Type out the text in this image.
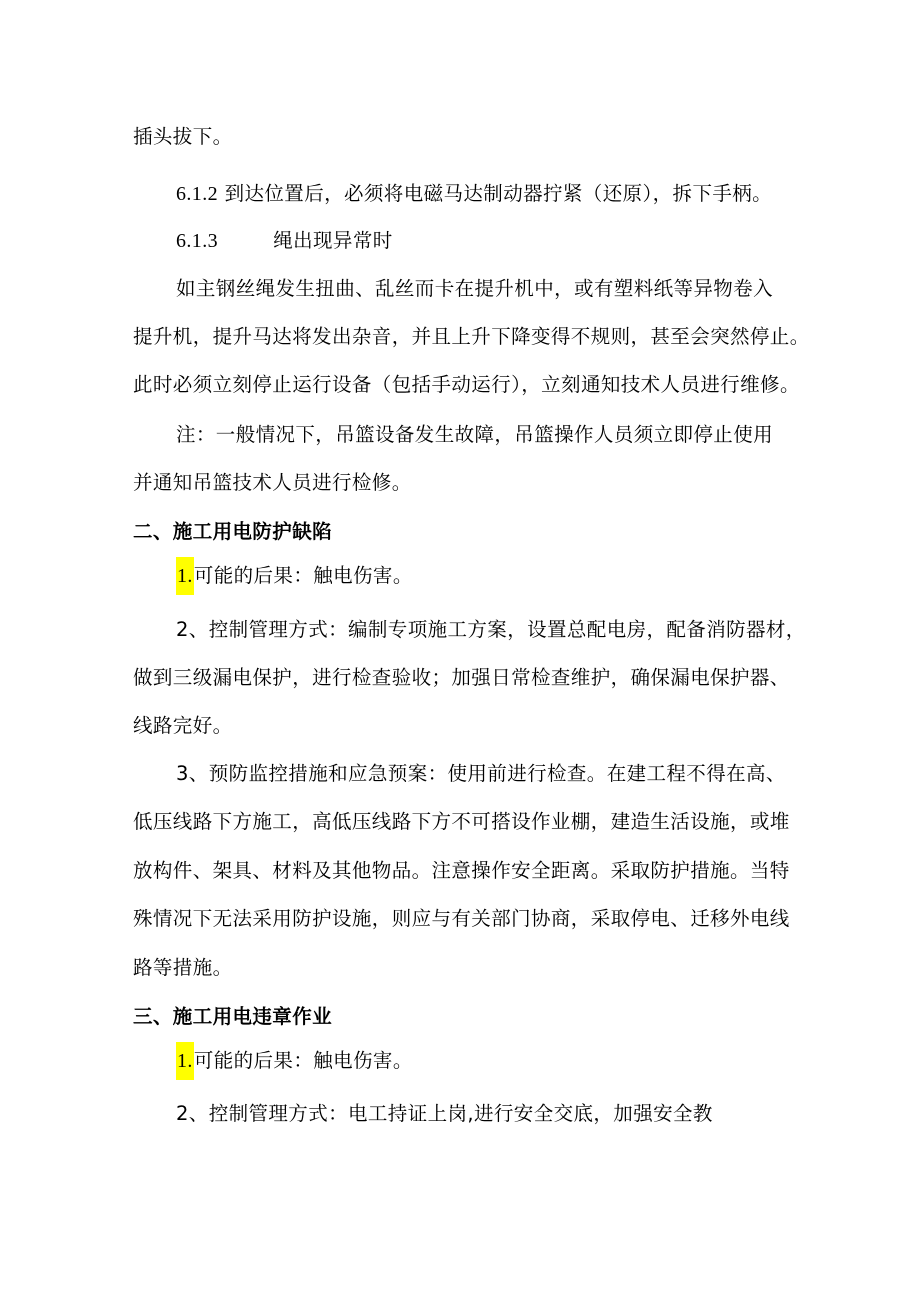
插头拔下。
6.1.2 到达位置后，必须将电磁马达制动器拧紧（还原），拆下手柄。
6.1.3	绳出现异常时
如主钢丝绳发生扭曲、乱丝而卡在提升机中，或有塑料纸等异物卷入
提升机，提升马达将发出杂音，并且上升下降变得不规则，甚至会突然停止。
此时必须立刻停止运行设备（包括手动运行），立刻通知技术人员进行维修。
注：一般情况下，吊篮设备发生故障，吊篮操作人员须立即停止使用
并通知吊篮技术人员进行检修。
二、施工用电防护缺陷
1.可能的后果：触电伤害。
2、控制管理方式：编制专项施工方案，设置总配电房，配备消防器材，
做到三级漏电保护，进行检查验收；加强日常检查维护，确保漏电保护器、
线路完好。
3、预防监控措施和应急预案：使用前进行检查。在建工程不得在高、
低压线路下方施工，高低压线路下方不可搭设作业棚，建造生活设施，或堆
放构件、架具、材料及其他物品。注意操作安全距离。采取防护措施。当特
殊情况下无法采用防护设施，则应与有关部门协商，采取停电、迁移外电线
路等措施。
三、施工用电违章作业
1.可能的后果：触电伤害。
2、控制管理方式：电工持证上岗,进行安全交底，加强安全教
